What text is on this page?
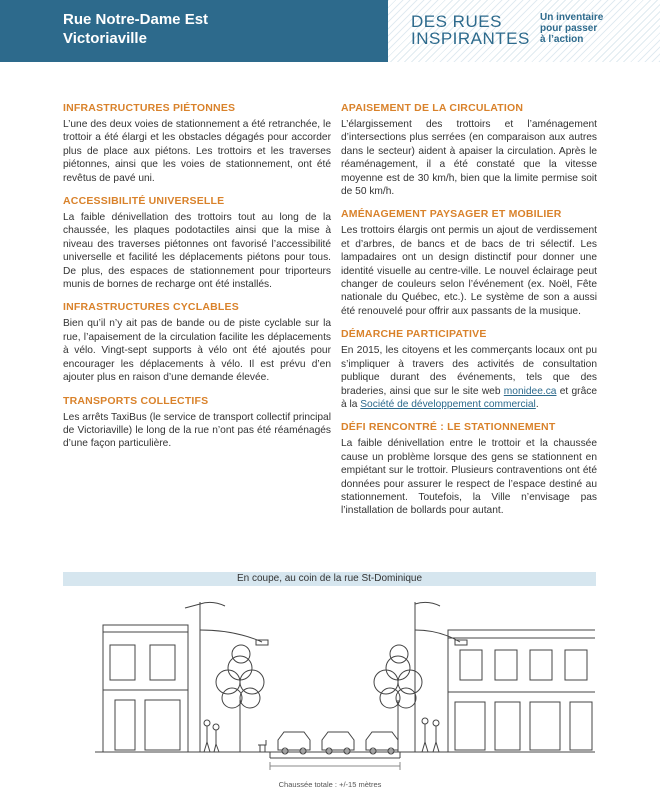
Rue Notre-Dame Est
Victoriaville
DES RUES
INSPIRANTES
Un inventaire
pour passer
à l’action
INFRASTRUCTURES PIÉTONNES

L’une des deux voies de stationnement a été retranchée, le trottoir a été élargi et les obstacles dégagés pour accorder plus de place aux piétons. Les trottoirs et les traverses piétonnes, ainsi que les voies de stationnement, ont été revêtus de pavé uni.

ACCESSIBILITÉ UNIVERSELLE

La faible dénivellation des trottoirs tout au long de la chaussée, les plaques podotactiles ainsi que la mise à niveau des traverses piétonnes ont favorisé l’accessibilité universelle et facilité les déplacements piétons pour tous. De plus, des espaces de stationnement pour triporteurs munis de bornes de recharge ont été installés.

INFRASTRUCTURES CYCLABLES

Bien qu’il n’y ait pas de bande ou de piste cyclable sur la rue, l’apaisement de la circulation facilite les déplacements à vélo. Vingt-sept supports à vélo ont été ajoutés pour encourager les déplacements à vélo. Il est prévu d’en ajouter plus en raison d’une demande élevée.

TRANSPORTS COLLECTIFS

Les arrêts TaxiBus (le service de transport collectif principal de Victoriaville) le long de la rue n’ont pas été réaménagés d’une façon particulière.

APAISEMENT DE LA CIRCULATION

L’élargissement des trottoirs et l’aménagement d’intersections plus serrées (en comparaison aux autres dans le secteur) aident à apaiser la circulation. Après le réaménagement, il a été constaté que la vitesse moyenne est de 30 km/h, bien que la limite permise soit de 50 km/h.

AMÉNAGEMENT PAYSAGER ET MOBILIER

Les trottoirs élargis ont permis un ajout de verdissement et d’arbres, de bancs et de bacs de tri sélectif. Les lampadaires ont un design distinctif pour donner une identité visuelle au centre-ville. Le nouvel éclairage peut changer de couleurs selon l’événement (ex. Noël, Fête nationale du Québec, etc.). Le système de son a aussi été renouvelé pour offrir aux passants de la musique.

DÉMARCHE PARTICIPATIVE

En 2015, les citoyens et les commerçants locaux ont pu s’impliquer à travers des activités de consultation publique durant des événements, tels que des braderies, ainsi que sur le site web monidee.ca et grâce à la Société de développement commercial.

DÉFI RENCONTRÉ : LE STATIONNEMENT

La faible dénivellation entre le trottoir et la chaussée cause un problème lorsque des gens se stationnent en empiétant sur le trottoir. Plusieurs contraventions ont été données pour assurer le respect de l’espace destiné au stationnement. Toutefois, la Ville n’envisage pas l’installation de bollards pour autant.

En coupe, au coin de la rue St-Dominique
Chaussée totale : +/-15 mètres
